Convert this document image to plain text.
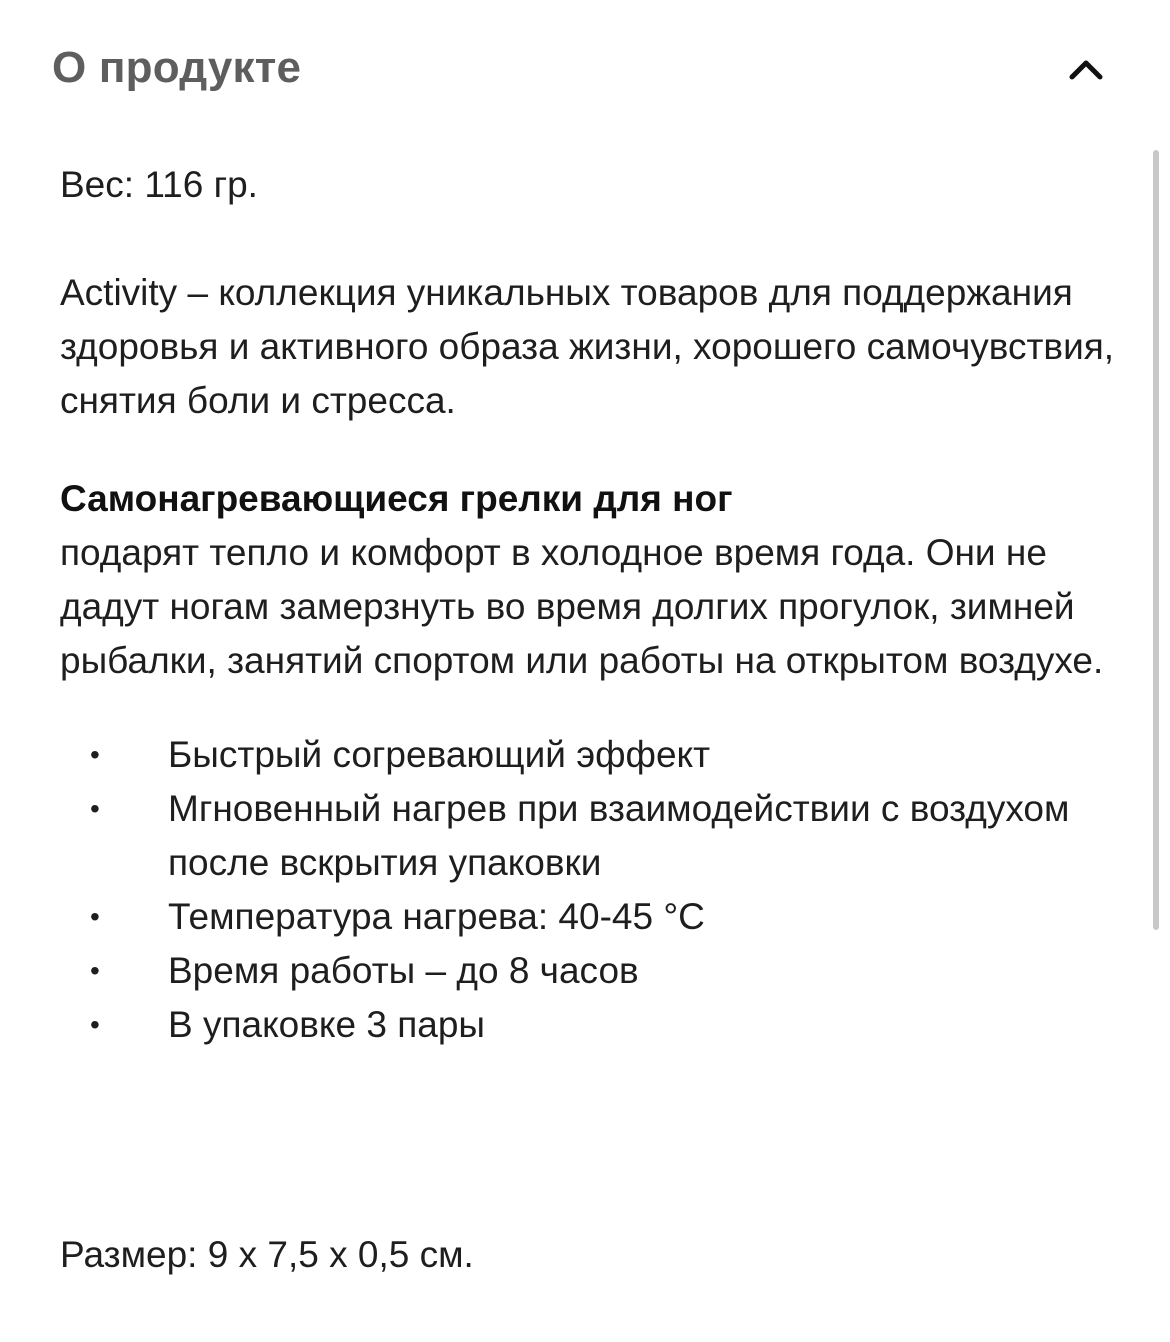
О продукте

Вес: 116 гр.

Activity – коллекция уникальных товаров для поддержания здоровья и активного образа жизни, хорошего самочувствия, снятия боли и стресса.

Самонагревающиеся грелки для ног
подарят тепло и комфорт в холодное время года. Они не дадут ногам замерзнуть во время долгих прогулок, зимней рыбалки, занятий спортом или работы на открытом воздухе.

• Быстрый согревающий эффект
• Мгновенный нагрев при взаимодействии с воздухом после вскрытия упаковки
• Температура нагрева: 40-45 °C
• Время работы – до 8 часов
• В упаковке 3 пары

Размер: 9 x 7,5 x 0,5 см.
